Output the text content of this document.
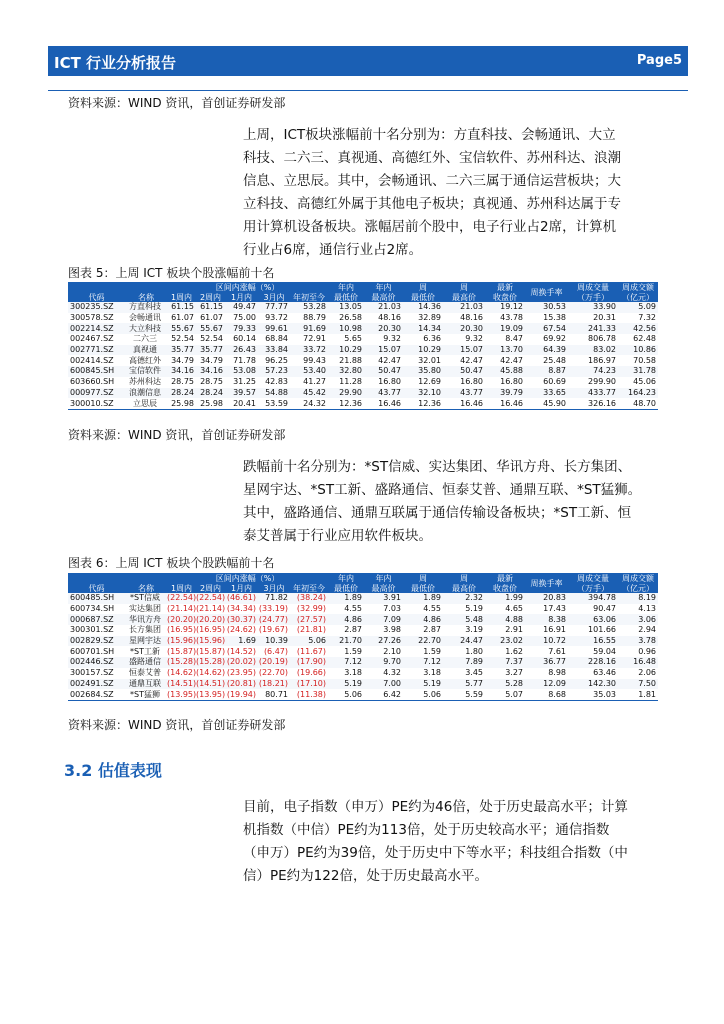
ICT 行业分析报告	Page5
资料来源：WIND 资讯，首创证券研发部
上周，ICT板块涨幅前十名分别为：方直科技、会畅通讯、大立
科技、二六三、真视通、高德红外、宝信软件、苏州科达、浪潮
信息、立思辰。其中，会畅通讯、二六三属于通信运营板块；大
立科技、高德红外属于其他电子板块；真视通、苏州科达属于专
用计算机设备板块。涨幅居前个股中，电子行业占2席，计算机
行业占6席，通信行业占2席。
图表 5：上周 ICT 板块个股涨幅前十名
		区间内涨幅（%）					年内	年内	周	周	最新	周换手率	周成交量	周成交额
代码	名称	1周内	2周内	1月内	3月内	年初至今	最低价	最高价	最低价	最高价	收盘价		（万手）	（亿元）
300235.SZ	方直科技	61.15	61.15	49.47	77.77	53.28	13.05	21.03	14.36	21.03	19.12	30.53	33.90	5.09
300578.SZ	会畅通讯	61.07	61.07	75.00	93.72	88.79	26.58	48.16	32.89	48.16	43.78	15.38	20.31	7.32
002214.SZ	大立科技	55.67	55.67	79.33	99.61	91.69	10.98	20.30	14.34	20.30	19.09	67.54	241.33	42.56
002467.SZ	二六三	52.54	52.54	60.14	68.84	72.91	5.65	9.32	6.36	9.32	8.47	69.92	806.78	62.48
002771.SZ	真视通	35.77	35.77	26.43	33.84	33.72	10.29	15.07	10.29	15.07	13.70	64.39	83.02	10.86
002414.SZ	高德红外	34.79	34.79	71.78	96.25	99.43	21.88	42.47	32.01	42.47	42.47	25.48	186.97	70.58
600845.SH	宝信软件	34.16	34.16	53.08	57.23	53.40	32.80	50.47	35.80	50.47	45.88	8.87	74.23	31.78
603660.SH	苏州科达	28.75	28.75	31.25	42.83	41.27	11.28	16.80	12.69	16.80	16.80	60.69	299.90	45.06
000977.SZ	浪潮信息	28.24	28.24	39.57	54.88	45.42	29.90	43.77	32.10	43.77	39.79	33.65	433.77	164.23
300010.SZ	立思辰	25.98	25.98	20.41	53.59	24.32	12.36	16.46	12.36	16.46	16.46	45.90	326.16	48.70
资料来源：WIND 资讯，首创证券研发部
跌幅前十名分别为：*ST信威、实达集团、华讯方舟、长方集团、
星网宇达、*ST工新、盛路通信、恒泰艾普、通鼎互联、*ST猛狮。
其中，盛路通信、通鼎互联属于通信传输设备板块；*ST工新、恒
泰艾普属于行业应用软件板块。
图表 6：上周 ICT 板块个股跌幅前十名
		区间内涨幅（%）					年内	年内	周	周	最新	周换手率	周成交量	周成交额
代码	名称	1周内	2周内	1月内	3月内	年初至今	最低价	最高价	最低价	最高价	收盘价		（万手）	（亿元）
600485.SH	*ST信威	(22.54)	(22.54)	(46.61)	71.82	(38.24)	1.89	3.91	1.89	2.32	1.99	20.83	394.78	8.19
600734.SH	实达集团	(21.14)	(21.14)	(34.34)	(33.19)	(32.99)	4.55	7.03	4.55	5.19	4.65	17.43	90.47	4.13
000687.SZ	华讯方舟	(20.20)	(20.20)	(30.37)	(24.77)	(27.57)	4.86	7.09	4.86	5.48	4.88	8.38	63.06	3.06
300301.SZ	长方集团	(16.95)	(16.95)	(24.62)	(19.67)	(21.81)	2.87	3.98	2.87	3.19	2.91	16.91	101.66	2.94
002829.SZ	星网宇达	(15.96)	(15.96)	1.69	10.39	5.06	21.70	27.26	22.70	24.47	23.02	10.72	16.55	3.78
600701.SH	*ST工新	(15.87)	(15.87)	(14.52)	(6.47)	(11.67)	1.59	2.10	1.59	1.80	1.62	7.61	59.04	0.96
002446.SZ	盛路通信	(15.28)	(15.28)	(20.02)	(20.19)	(17.90)	7.12	9.70	7.12	7.89	7.37	36.77	228.16	16.48
300157.SZ	恒泰艾普	(14.62)	(14.62)	(23.95)	(22.70)	(19.66)	3.18	4.32	3.18	3.45	3.27	8.98	63.46	2.06
002491.SZ	通鼎互联	(14.51)	(14.51)	(20.81)	(18.21)	(17.10)	5.19	7.00	5.19	5.77	5.28	12.09	142.30	7.50
002684.SZ	*ST猛狮	(13.95)	(13.95)	(19.94)	80.71	(11.38)	5.06	6.42	5.06	5.59	5.07	8.68	35.03	1.81
资料来源：WIND 资讯，首创证券研发部
3.2 估值表现
目前，电子指数（申万）PE约为46倍，处于历史最高水平；计算
机指数（中信）PE约为113倍，处于历史较高水平；通信指数
（申万）PE约为39倍，处于历史中下等水平；科技组合指数（中
信）PE约为122倍，处于历史最高水平。
